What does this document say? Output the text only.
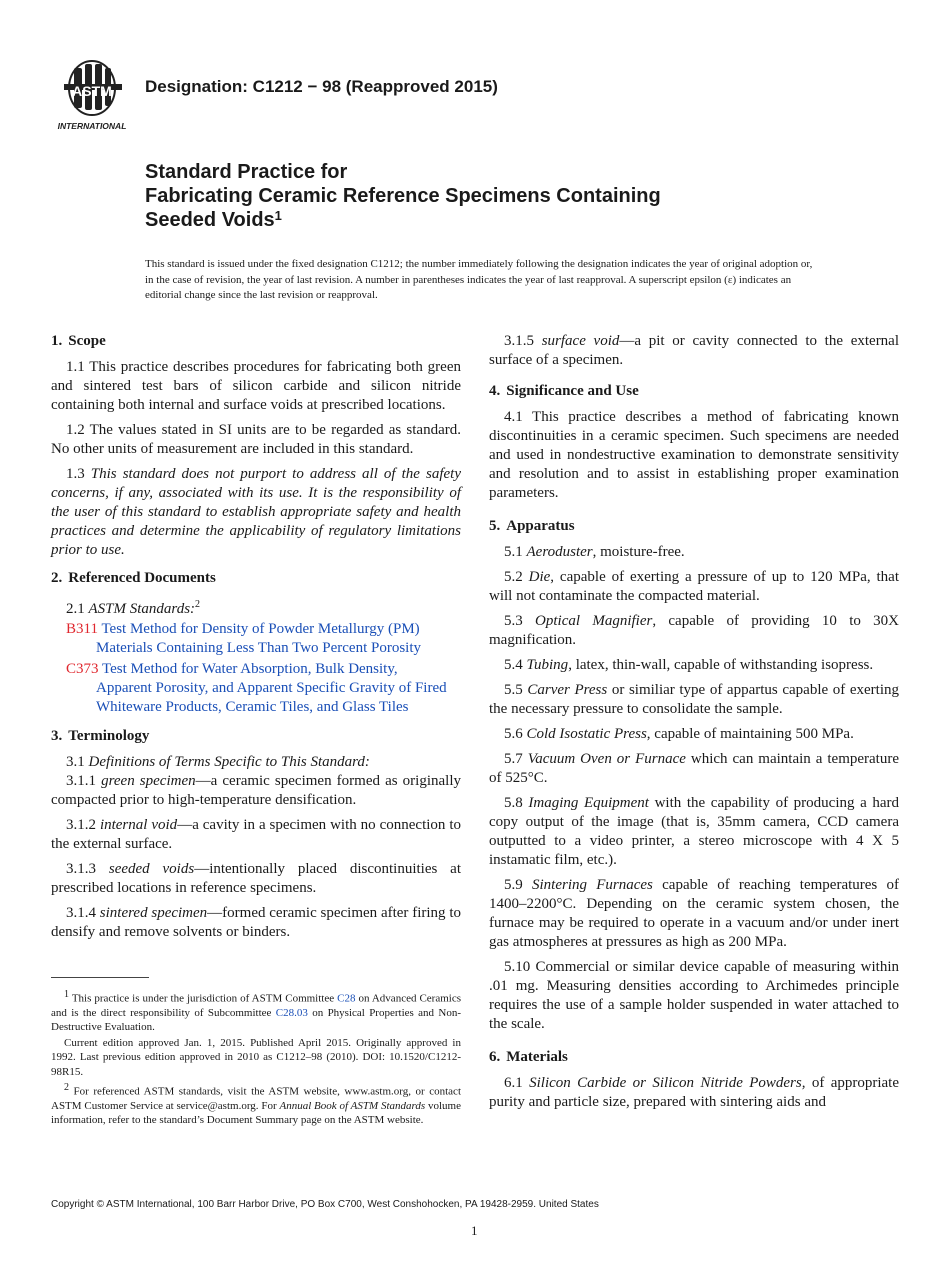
ASTM
INTERNATIONAL
Designation: C1212 − 98 (Reapproved 2015)
Standard Practice for
Fabricating Ceramic Reference Specimens Containing
Seeded Voids$^1$
This standard is issued under the fixed designation C1212; the number immediately following the designation indicates the year of original adoption or, in the case of revision, the year of last revision. A number in parentheses indicates the year of last reapproval. A superscript epsilon (ε) indicates an editorial change since the last revision or reapproval.
1. Scope

1.1 This practice describes procedures for fabricating both green and sintered test bars of silicon carbide and silicon nitride containing both internal and surface voids at prescribed locations.

1.2 The values stated in SI units are to be regarded as standard. No other units of measurement are included in this standard.

1.3 This standard does not purport to address all of the safety concerns, if any, associated with its use. It is the responsibility of the user of this standard to establish appropriate safety and health practices and determine the applicability of regulatory limitations prior to use.

2. Referenced Documents

2.1 ASTM Standards:$^2$

B311 Test Method for Density of Powder Metallurgy (PM)
Materials Containing Less Than Two Percent Porosity
C373 Test Method for Water Absorption, Bulk Density,
Apparent Porosity, and Apparent Specific Gravity of Fired Whiteware Products, Ceramic Tiles, and Glass Tiles
3. Terminology

3.1 Definitions of Terms Specific to This Standard:

3.1.1 green specimen—a ceramic specimen formed as originally compacted prior to high-temperature densification.

3.1.2 internal void—a cavity in a specimen with no connection to the external surface.

3.1.3 seeded voids—intentionally placed discontinuities at prescribed locations in reference specimens.

3.1.4 sintered specimen—formed ceramic specimen after firing to densify and remove solvents or binders.

3.1.5 surface void—a pit or cavity connected to the external surface of a specimen.

4. Significance and Use

4.1 This practice describes a method of fabricating known discontinuities in a ceramic specimen. Such specimens are needed and used in nondestructive examination to demonstrate sensitivity and resolution and to assist in establishing proper examination parameters.

5. Apparatus

5.1 Aeroduster, moisture-free.

5.2 Die, capable of exerting a pressure of up to 120 MPa, that will not contaminate the compacted material.

5.3 Optical Magnifier, capable of providing 10 to 30X magnification.

5.4 Tubing, latex, thin-wall, capable of withstanding isopress.

5.5 Carver Press or similiar type of appartus capable of exerting the necessary pressure to consolidate the sample.

5.6 Cold Isostatic Press, capable of maintaining 500 MPa.

5.7 Vacuum Oven or Furnace which can maintain a temperature of 525°C.

5.8 Imaging Equipment with the capability of producing a hard copy output of the image (that is, 35mm camera, CCD camera outputted to a video printer, a stereo microscope with 4 X 5 instamatic film, etc.).

5.9 Sintering Furnaces capable of reaching temperatures of 1400–2200°C. Depending on the ceramic system chosen, the furnace may be required to operate in a vacuum and/or under inert gas atmospheres at pressures as high as 200 MPa.

5.10 Commercial or similar device capable of measuring within .01 mg. Measuring densities according to Archimedes principle requires the use of a sample holder suspended in water attached to the scale.

6. Materials

6.1 Silicon Carbide or Silicon Nitride Powders, of appropriate purity and particle size, prepared with sintering aids and

$^1$ This practice is under the jurisdiction of ASTM Committee C28 on Advanced Ceramics and is the direct responsibility of Subcommittee C28.03 on Physical Properties and Non-Destructive Evaluation.

Current edition approved Jan. 1, 2015. Published April 2015. Originally approved in 1992. Last previous edition approved in 2010 as C1212–98 (2010). DOI: 10.1520/C1212-98R15.

$^2$ For referenced ASTM standards, visit the ASTM website, www.astm.org, or contact ASTM Customer Service at service@astm.org. For Annual Book of ASTM Standards volume information, refer to the standard’s Document Summary page on the ASTM website.

Copyright © ASTM International, 100 Barr Harbor Drive, PO Box C700, West Conshohocken, PA 19428-2959. United States
1
